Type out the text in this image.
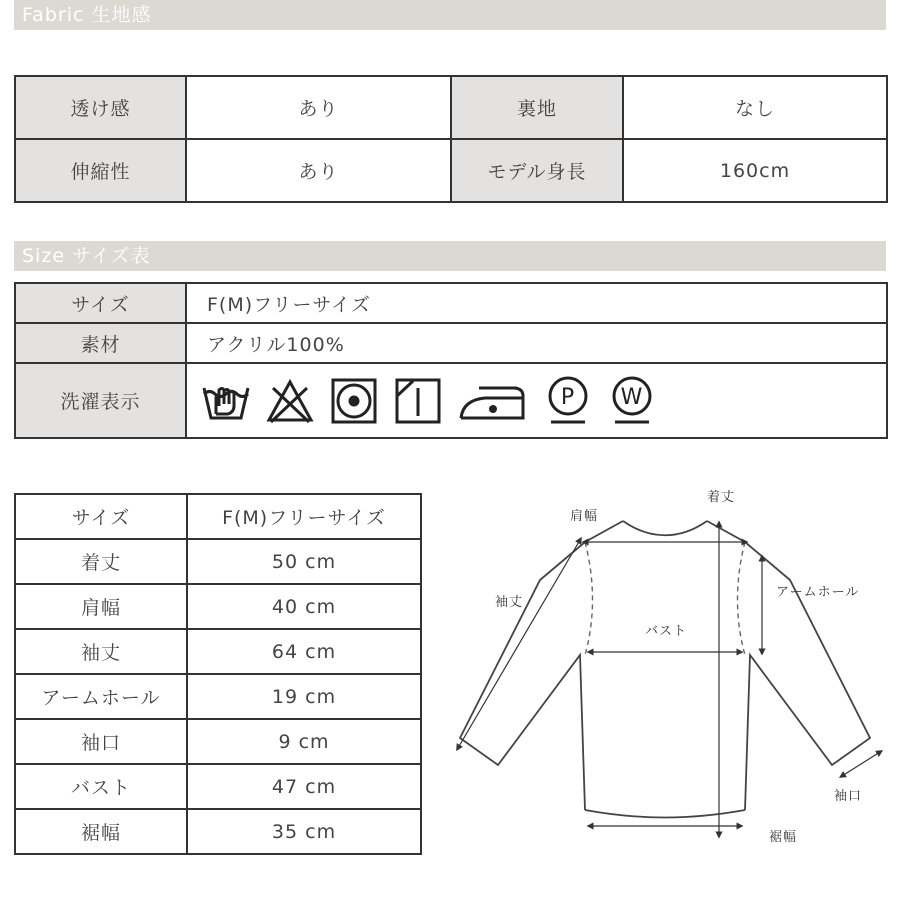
Fabric 生地感
透け感	あり	裏地	なし
伸縮性	あり	モデル身長	160cm
Size サイズ表
サイズ	F(M)フリーサイズ
素材	アクリル100%
洗濯表示	P W
サイズ	F(M)フリーサイズ
着丈	50 cm
肩幅	40 cm
袖丈	64 cm
アームホール	19 cm
袖口	9 cm
バスト	47 cm
裾幅	35 cm
着丈
肩幅
袖丈
アームホール
バスト
袖口
裾幅
